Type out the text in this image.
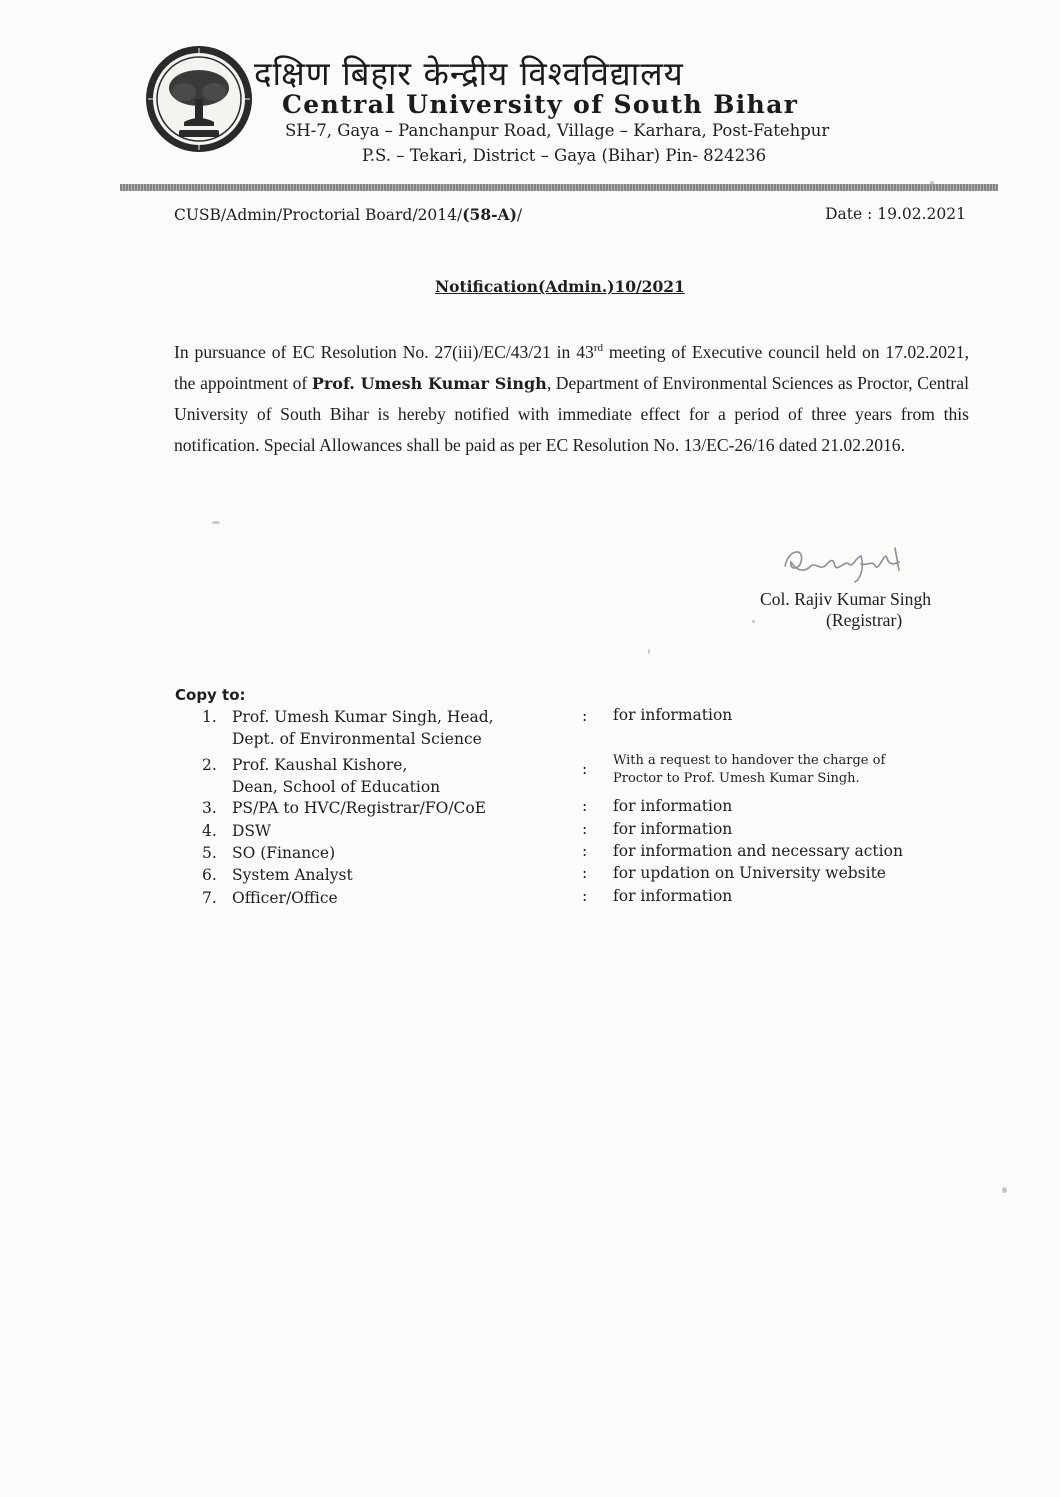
दक्षिण बिहार केन्द्रीय विश्वविद्यालय
Central University of South Bihar
SH-7, Gaya – Panchanpur Road, Village – Karhara, Post-Fatehpur
P.S. – Tekari, District – Gaya (Bihar) Pin- 824236
CUSB/Admin/Proctorial Board/2014/(58-A)/	Date : 19.02.2021
Notification(Admin.)10/2021
In pursuance of EC Resolution No. 27(iii)/EC/43/21 in 43rd meeting of Executive council held on 17.02.2021, the appointment of Prof. Umesh Kumar Singh, Department of Environmental Sciences as Proctor, Central University of South Bihar is hereby notified with immediate effect for a period of three years from this notification. Special Allowances shall be paid as per EC Resolution No. 13/EC-26/16 dated 21.02.2016.
Col. Rajiv Kumar Singh
(Registrar)
Copy to:
1. Prof. Umesh Kumar Singh, Head,
Dept. of Environmental Science
: for information
2. Prof. Kaushal Kishore,
Dean, School of Education
: With a request to handover the charge of
Proctor to Prof. Umesh Kumar Singh.
3. PS/PA to HVC/Registrar/FO/CoE	: for information
4. DSW	: for information
5. SO (Finance)	: for information and necessary action
6. System Analyst	: for updation on University website
7. Officer/Office	: for information
